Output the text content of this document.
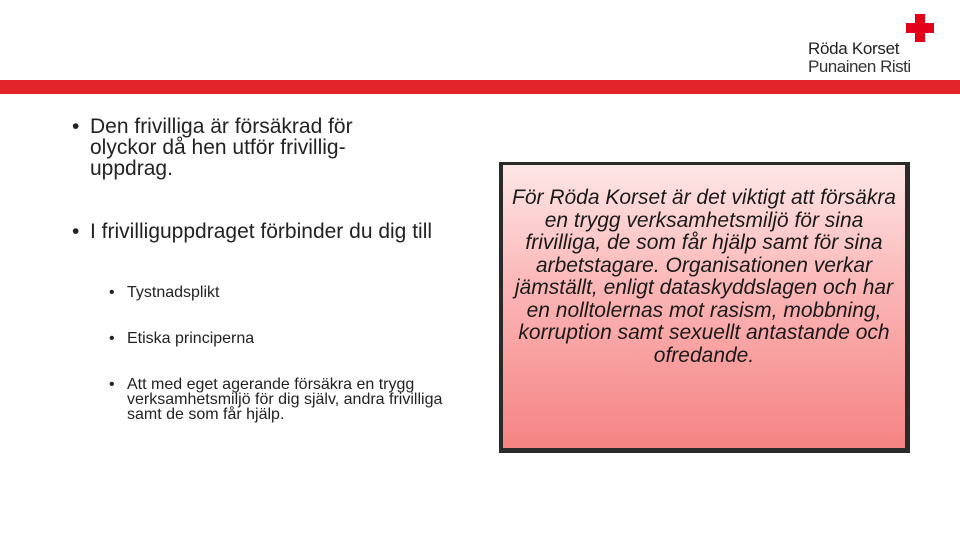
Röda Korset
Punainen Risti
• Den frivilliga är försäkrad för olyckor då hen utför frivillig-uppdrag.
• I frivilliguppdraget förbinder du dig till
• Tystnadsplikt
• Etiska principerna
• Att med eget agerande försäkra en trygg verksamhetsmiljö för dig själv, andra frivilliga samt de som får hjälp.
För Röda Korset är det viktigt att försäkra en trygg verksamhetsmiljö för sina frivilliga, de som får hjälp samt för sina arbetstagare. Organisationen verkar jämställt, enligt dataskyddslagen och har en nolltolernas mot rasism, mobbning, korruption samt sexuellt antastande och ofredande.
